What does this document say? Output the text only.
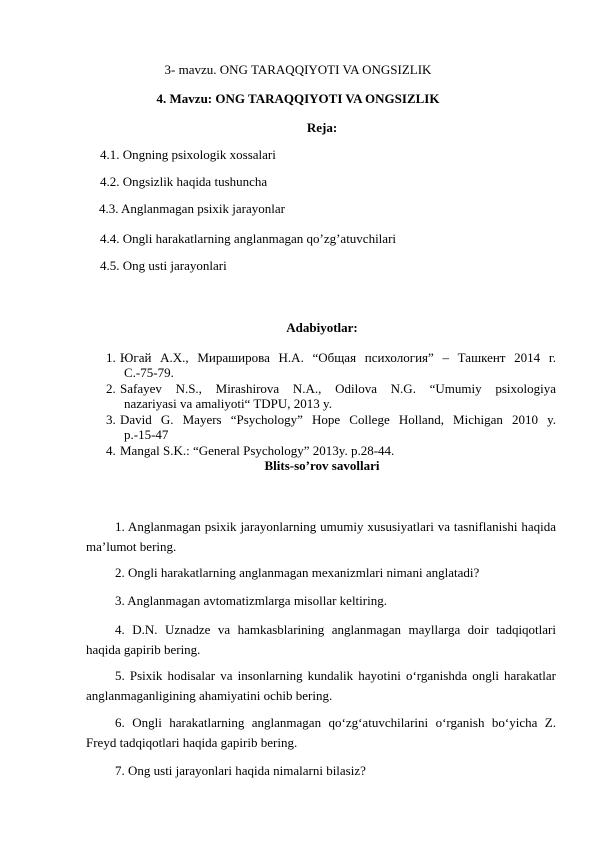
3- mavzu. ONG TARAQQIYOTI VA ONGSIZLIK
4. Mavzu: ONG TARAQQIYOTI VA ONGSIZLIK
Reja:
4.1. Ongning psixologik xossalari
4.2. Ongsizlik haqida tushuncha
4.3. Anglanmagan psixik jarayonlar
4.4. Ongli harakatlarning anglanmagan qo’zg’atuvchilari
4.5. Ong usti jarayonlari
Adabiyotlar:
1. Югай А.Х., Мираширова Н.А. “Общая психология” – Ташкент 2014 г.
С.-75-79.
2. Safayev N.S., Mirashirova N.A., Odilova N.G. “Umumiy psixologiya
nazariyasi va amaliyoti“ TDPU, 2013 y.
3. David G. Mayers “Psychology” Hope College Holland, Michigan 2010 y.
p.-15-47
4. Mangal S.K.: “General Psychology” 2013y. p.28-44.
Blits-so’rov savollari
1. Anglanmagan psixik jarayonlarning umumiy xususiyatlari va tasniflanishi haqida ma’lumot bering.
2. Ongli harakatlarning anglanmagan mexanizmlari nimani anglatadi?
3. Anglanmagan avtomatizmlarga misollar keltiring.
4. D.N. Uznadze va hamkasblarining anglanmagan mayllarga doir tadqiqotlari haqida gapirib bering.
5. Psixik hodisalar va insonlarning kundalik hayotini o‘rganishda ongli harakatlar anglanmaganligining ahamiyatini ochib bering.
6. Ongli harakatlarning anglanmagan qo‘zg‘atuvchilarini o‘rganish bo‘yicha Z. Freyd tadqiqotlari haqida gapirib bering.
7. Ong usti jarayonlari haqida nimalarni bilasiz?
